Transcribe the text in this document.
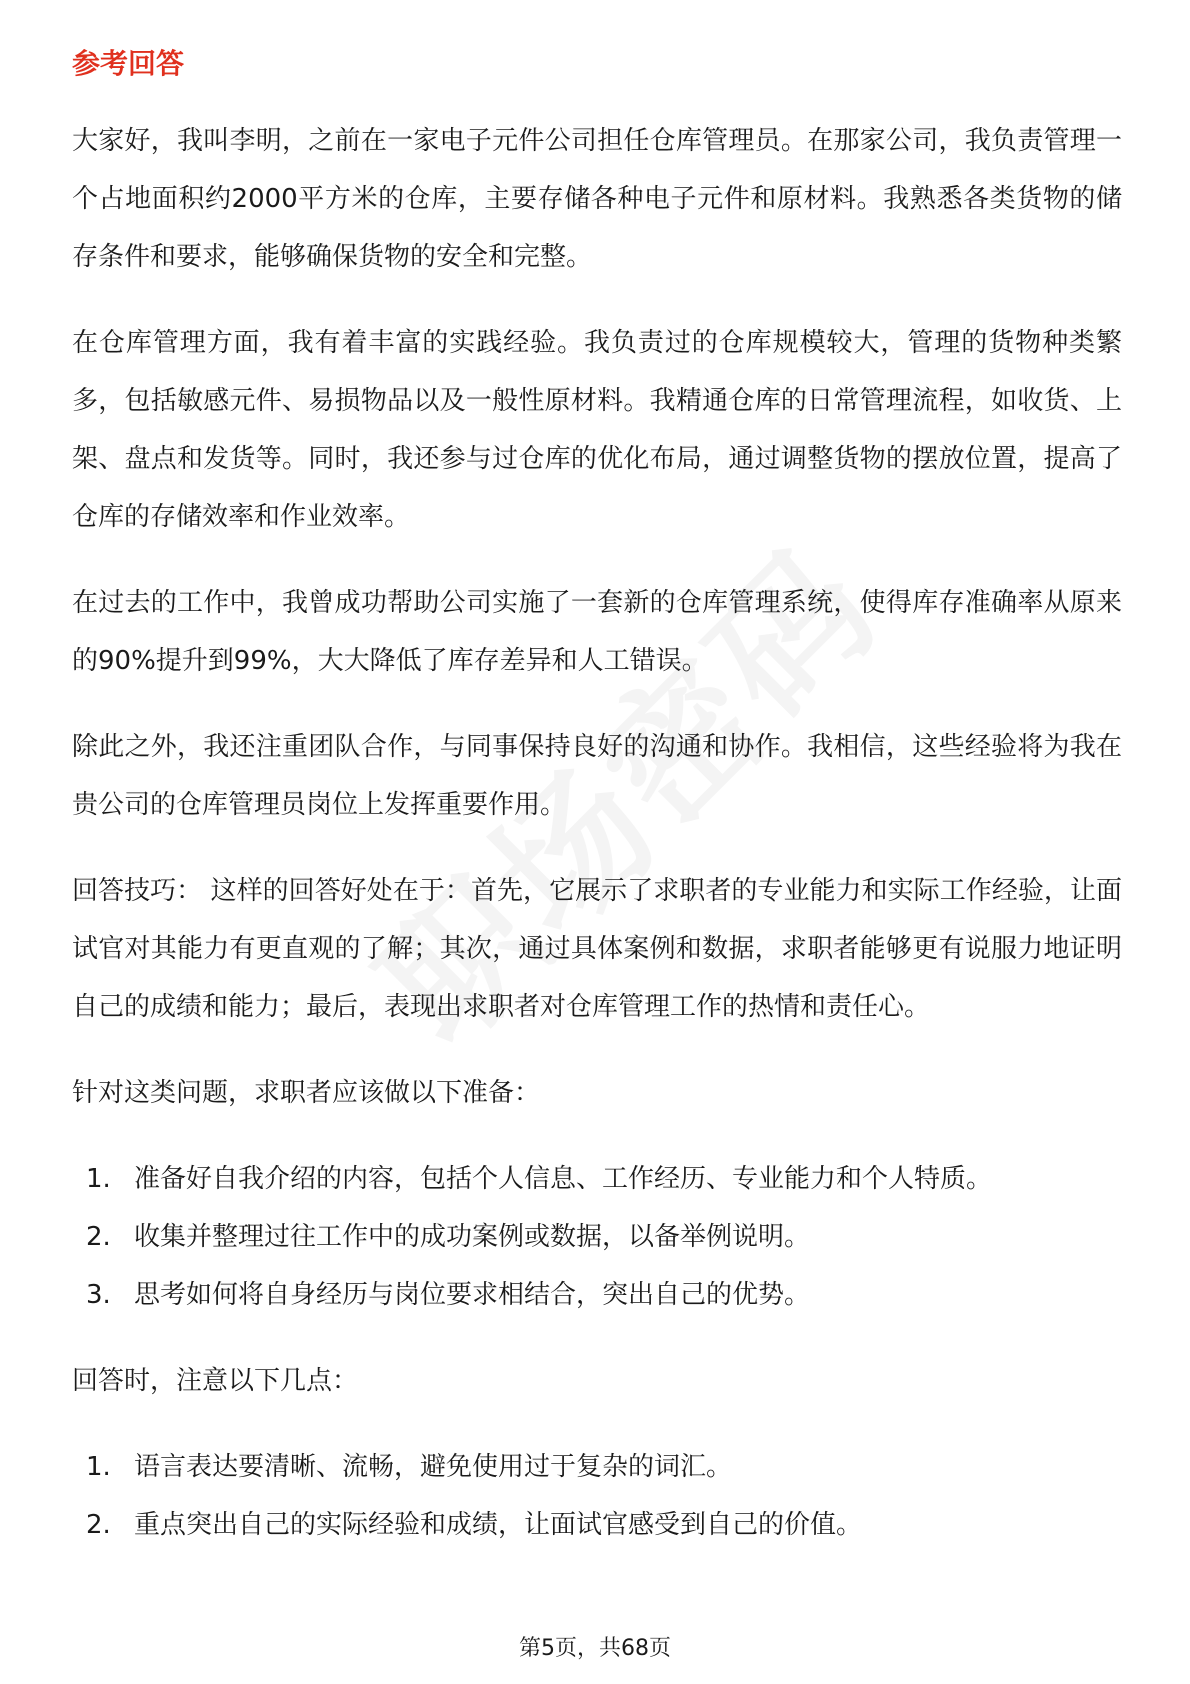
参考回答

大家好，我叫李明，之前在一家电子元件公司担任仓库管理员。在那家公司，我负责管理一个占地面积约2000平方米的仓库，主要存储各种电子元件和原材料。我熟悉各类货物的储存条件和要求，能够确保货物的安全和完整。

在仓库管理方面，我有着丰富的实践经验。我负责过的仓库规模较大，管理的货物种类繁多，包括敏感元件、易损物品以及一般性原材料。我精通仓库的日常管理流程，如收货、上架、盘点和发货等。同时，我还参与过仓库的优化布局，通过调整货物的摆放位置，提高了仓库的存储效率和作业效率。

在过去的工作中，我曾成功帮助公司实施了一套新的仓库管理系统，使得库存准确率从原来的90%提升到99%，大大降低了库存差异和人工错误。

除此之外，我还注重团队合作，与同事保持良好的沟通和协作。我相信，这些经验将为我在贵公司的仓库管理员岗位上发挥重要作用。

回答技巧： 这样的回答好处在于：首先，它展示了求职者的专业能力和实际工作经验，让面试官对其能力有更直观的了解；其次，通过具体案例和数据，求职者能够更有说服力地证明自己的成绩和能力；最后，表现出求职者对仓库管理工作的热情和责任心。

针对这类问题，求职者应该做以下准备：

1. 准备好自我介绍的内容，包括个人信息、工作经历、专业能力和个人特质。
2. 收集并整理过往工作中的成功案例或数据，以备举例说明。
3. 思考如何将自身经历与岗位要求相结合，突出自己的优势。

回答时，注意以下几点：

1. 语言表达要清晰、流畅，避免使用过于复杂的词汇。
2. 重点突出自己的实际经验和成绩，让面试官感受到自己的价值。
第5页，共68页
